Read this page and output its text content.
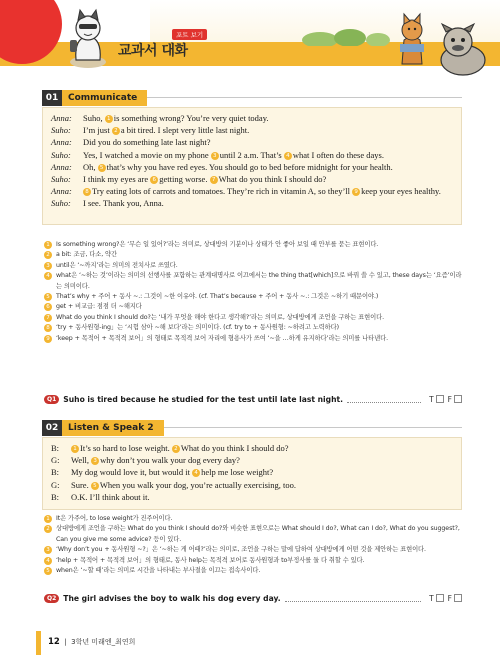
교과서 대화
포트 보기
01	Communicate
Anna:	Suho, 1 is something wrong? You’re very quiet today.
Suho:	I’m just 2 a bit tired. I slept very little last night.
Anna:	Did you do something late last night?
Suho:	Yes, I watched a movie on my phone 3 until 2 a.m. That’s 4 what I often do these days.
Anna:	Oh, 5 that’s why you have red eyes. You should go to bed before midnight for your health.
Suho:	I think my eyes are 6 getting worse. 7 What do you think I should do?
Anna:	8 Try eating lots of carrots and tomatoes. They’re rich in vitamin A, so they’ll 9 keep your eyes healthy.
Suho:	I see. Thank you, Anna.
1 Is something wrong?은 ‘무슨 일 있어?’라는 의미로, 상대방의 기분이나 상태가 안 좋아 보일 때 안부를 묻는 표현이다.
2 a bit: 조금, 다소, 약간
3 until은 ‘~까지’라는 의미의 전치사로 쓰였다.
4 what은 ‘~하는 것’이라는 의미의 선행사를 포함하는 관계대명사로 이끄에서는 the thing that[which]으로 바꿔 쓸 수 있고, these days는 ‘요즘’이라는 의미이다.
5 That’s why + 주어 + 동사 ~.: 그것이 ~한 이유야. (cf. That’s because + 주어 + 동사 ~.: 그것은 ~하기 때문이야.)
6 get + 비교급: 점점 더 ~해지다
7 What do you think I should do?는 ‘내가 무엇을 해야 한다고 생각해?’라는 의미로, 상대방에게 조언을 구하는 표현이다.
8 ‘try + 동사원형-ing」는 ‘시험 삼아 ~해 보다’라는 의미이다. (cf. try to + 동사원형: ~하려고 노력하다)
9 ‘keep + 목적어 + 목적격 보어」의 형태로 목적격 보어 자리에 형용사가 쓰여 ‘~을 …하게 유지하다’라는 의미를 나타낸다.
Q1 Suho is tired because he studied for the test until late last night.	T F
02	Listen & Speak 2
B:	1 It’s so hard to lose weight. 2 What do you think I should do?
G:	Well, 3 why don’t you walk your dog every day?
B:	My dog would love it, but would it 4 help me lose weight?
G:	Sure. 5 When you walk your dog, you’re actually exercising, too.
B:	O.K. I’ll think about it.
1 It은 가주어, to lose weight가 진주어이다.
2 상대방에게 조언을 구하는 What do you think I should do?와 비슷한 표현으로는 What should I do?, What can I do?, What do you suggest?, Can you give me some advice? 등이 있다.
3 ‘Why don’t you + 동사원형 ~?」은 ‘~하는 게 어때?’라는 의미로, 조언을 구하는 말에 답하여 상대방에게 어떤 것을 제안하는 표현이다.
4 ‘help + 목적어 + 목적격 보어」의 형태로, 동사 help는 목적격 보어로 동사원형과 to부정사를 둘 다 취할 수 있다.
5 when은 ‘~할 때’라는 의미로 시간을 나타내는 부사절을 이끄는 접속사이다.
Q2 The girl advises the boy to walk his dog every day.	T F
12  |  3학년 미래엔_최연희
